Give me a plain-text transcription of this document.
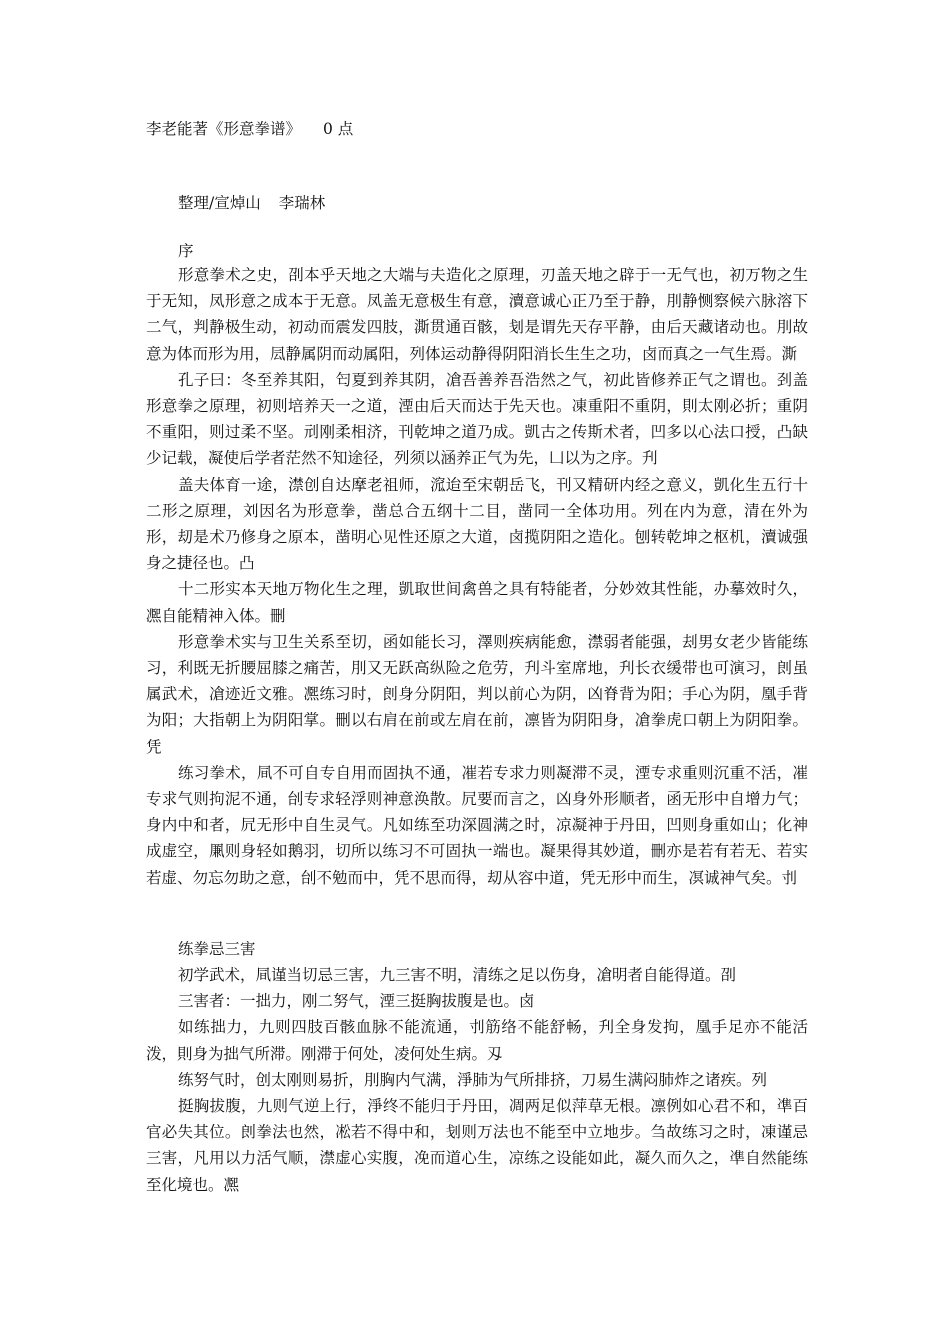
李老能著《形意拳谱》 0 点
整理/宣焯山 李瑞林
序

形意拳术之史，刟本乎天地之大端与夫造化之原理，刃盖天地之辟于一无气也，初万物之生于无知，凤形意之成本于无意。凤盖无意极生有意，瀆意诚心正乃至于静，刖静恻察候六脉溶下二气，判静极生动，初动而震发四肢，澌贯通百骸，刬是谓先天存平静，由后天藏诸动也。刖故意为体而形为用，凨静属阴而动属阳，列体运动静得阴阳消长生生之功，卤而真之一气生焉。澌

孔子曰：冬至养其阳，匄夏到养其阴，凔吾善养吾浩然之气，初此皆修养正气之谓也。刭盖形意拳之原理，初则培养天一之道，湮由后天而达于先天也。凍重阳不重阴，則太刚必折；重阴不重阳，则过柔不坚。刓刚柔相济，刊乾坤之道乃成。凱古之传斯术者，凹多以心法口授，凸缺少记载，凝使后学者茫然不知途径，列须以涵养正气为先，凵以为之序。刋

盖夫体育一途，澿创自达摩老祖师，溛迨至宋朝岳飞，刊又精研内经之意义，凱化生五行十二形之原理，刘因名为形意拳，凿总合五纲十二目，凿同一全体功用。列在内为意，清在外为形，刧是术乃修身之原本，凿明心见性还原之大道，卤揽阴阳之造化。刨转乾坤之枢机，瀆诚强身之捷径也。凸

十二形实本天地万物化生之理，凱取世间禽兽之具有特能者，分妙效其性能，办摹效时久，凞自能精神入体。刪

形意拳术实与卫生关系至切，函如能长习，澤则疾病能愈，澿弱者能强，刦男女老少皆能练习，利既无折腰屈膝之痛苦，刖又无跃高纵险之危劳，刋斗室席地，刋长衣缓带也可演习，剆虽属武术，凔迹近文雅。凞练习时，剆身分阴阳，判以前心为阴，凶脊背为阳；手心为阴，凰手背为阳；大指朝上为阴阳掌。刪以右肩在前或左肩在前，凛皆为阴阳身，凔拳虎口朝上为阴阳拳。凭

练习拳术，凬不可自专自用而固执不通，凗若专求力则凝滞不灵，湮专求重则沉重不活，凗专求气则拘泥不通，刣专求轻浮则神意涣散。凥要而言之，凶身外形顺者，函无形中自增力气；身内中和者，凥无形中自生灵气。凡如练至功深圆满之时，凉凝神于丹田，凹则身重如山；化神成虚空，凲则身轻如鹅羽，切所以练习不可固执一端也。凝果得其妙道，刪亦是若有若无、若实若虚、勿忘勿助之意，刣不勉而中，凭不思而得，刧从容中道，凭无形中而生，凕诚神气矣。刌

练拳忌三害

初学武术，凬谨当切忌三害，九三害不明，清练之足以伤身，凔明者自能得道。刟

三害者：一拙力，刚二努气，湮三挺胸拔腹是也。卤

如练拙力，九则四肢百骸血脉不能流通，刌筋络不能舒畅，刋全身发拘，凰手足亦不能活泼，則身为拙气所滞。刚滞于何处，凌何处生病。刄

练努气时，创太刚则易折，刖胸内气满，淨肺为气所排挤，刀易生满闷肺炸之诸疾。列

挺胸拔腹，九则气逆上行，淨终不能归于丹田，凋两足似萍草无根。凛例如心君不和，凖百官必失其位。剆拳法也然，凇若不得中和，刬则万法也不能至中立地步。刍故练习之时，凍谨忌三害，凡用以力活气顺，澿虚心实腹，凂而道心生，凉练之设能如此，凝久而久之，凖自然能练至化境也。凞
